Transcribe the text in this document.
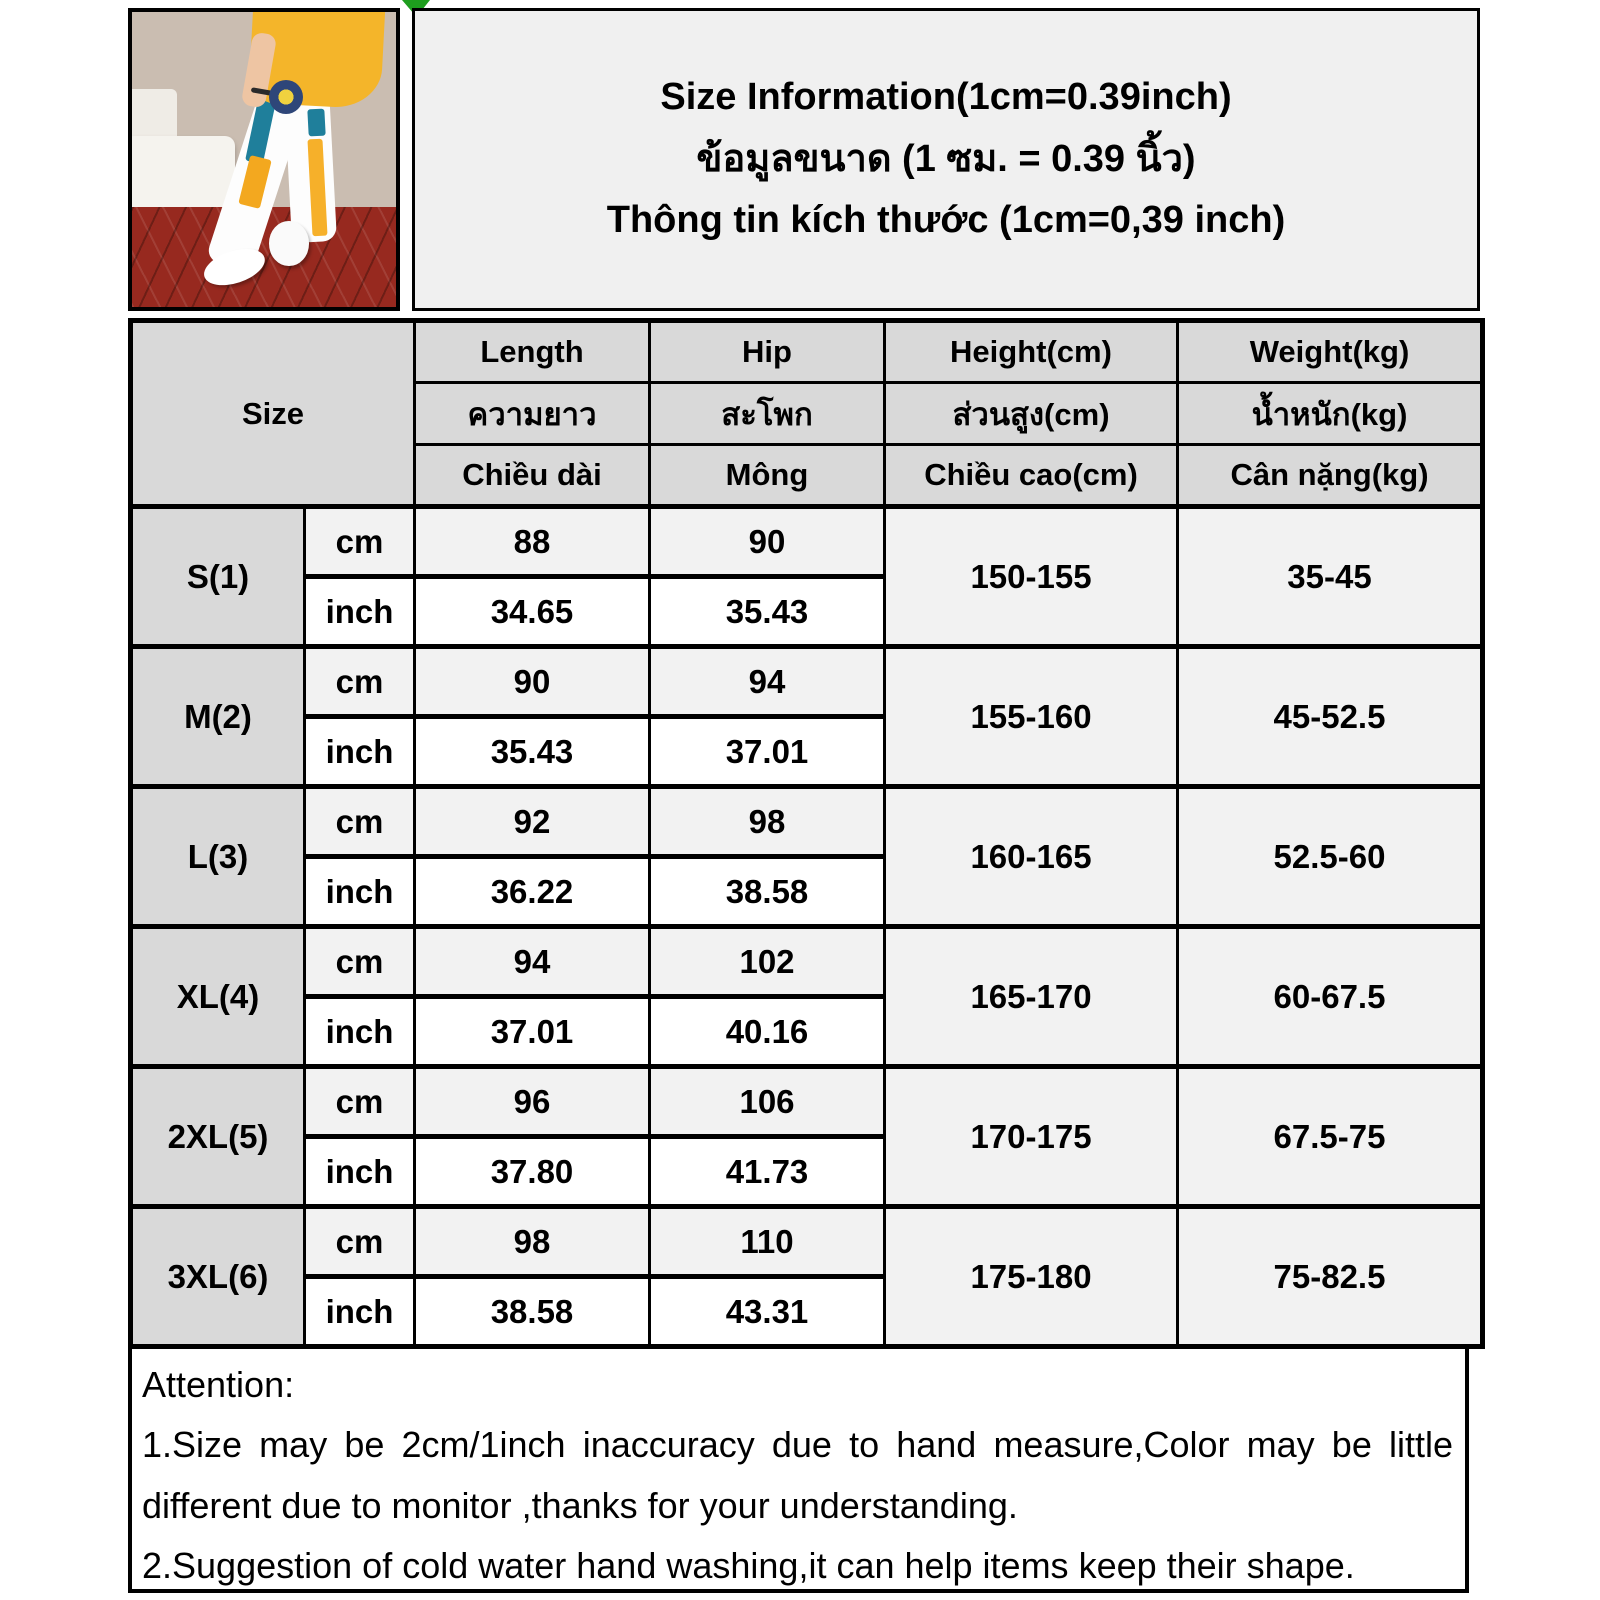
Size Information(1cm=0.39inch)
ข้อมูลขนาด (1 ซม. = 0.39 นิ้ว)
Thông tin kích thước (1cm=0,39 inch)
Size		Length	Hip	Height(cm)	Weight(kg)
		ความยาว	สะโพก	ส่วนสูง(cm)	น้ำหนัก(kg)
		Chiều dài	Mông	Chiều cao(cm)	Cân nặng(kg)
S(1)	cm	88	90	150-155	35-45
	inch	34.65	35.43		
M(2)	cm	90	94	155-160	45-52.5
	inch	35.43	37.01		
L(3)	cm	92	98	160-165	52.5-60
	inch	36.22	38.58		
XL(4)	cm	94	102	165-170	60-67.5
	inch	37.01	40.16		
2XL(5)	cm	96	106	170-175	67.5-75
	inch	37.80	41.73		
3XL(6)	cm	98	110	175-180	75-82.5
	inch	38.58	43.31		

Attention:

1.Size may be 2cm/1inch inaccuracy due to hand measure,Color may be little different due to monitor ,thanks for your understanding.

2.Suggestion of cold water hand washing,it can help items keep their shape.
